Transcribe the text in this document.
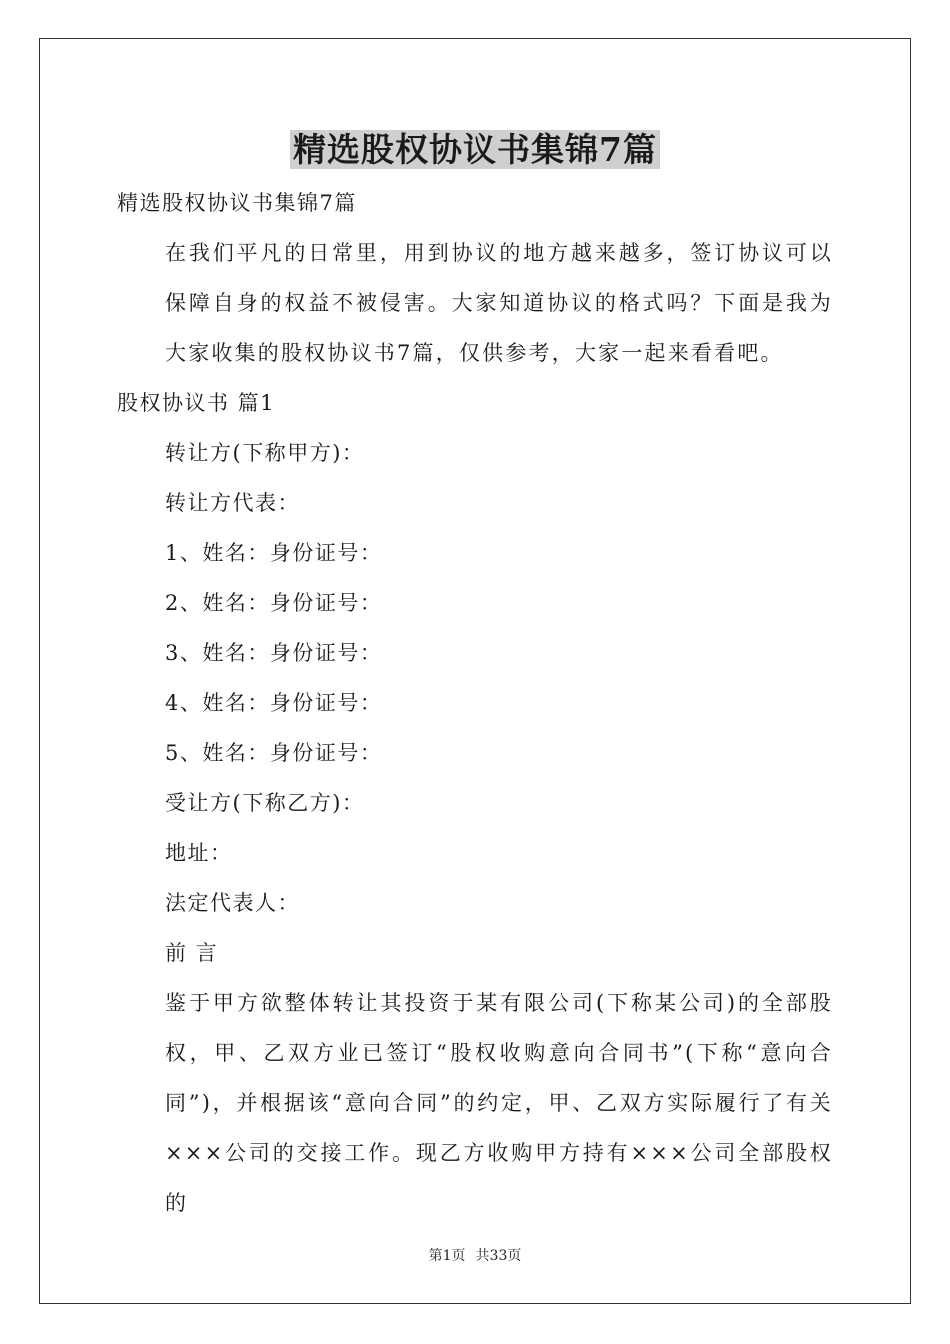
精选股权协议书集锦7篇

精选股权协议书集锦7篇

在我们平凡的日常里，用到协议的地方越来越多，签订协议可以保障自身的权益不被侵害。大家知道协议的格式吗？下面是我为大家收集的股权协议书7篇，仅供参考，大家一起来看看吧。

股权协议书 篇1

转让方(下称甲方)：

转让方代表：

1、姓名：身份证号：

2、姓名：身份证号：

3、姓名：身份证号：

4、姓名：身份证号：

5、姓名：身份证号：

受让方(下称乙方)：

地址：

法定代表人：

前 言

鉴于甲方欲整体转让其投资于某有限公司(下称某公司)的全部股权，甲、乙双方业已签订“股权收购意向合同书”(下称“意向合同”)，并根据该“意向合同”的约定，甲、乙双方实际履行了有关×××公司的交接工作。现乙方收购甲方持有×××公司全部股权的

第1页 共33页
